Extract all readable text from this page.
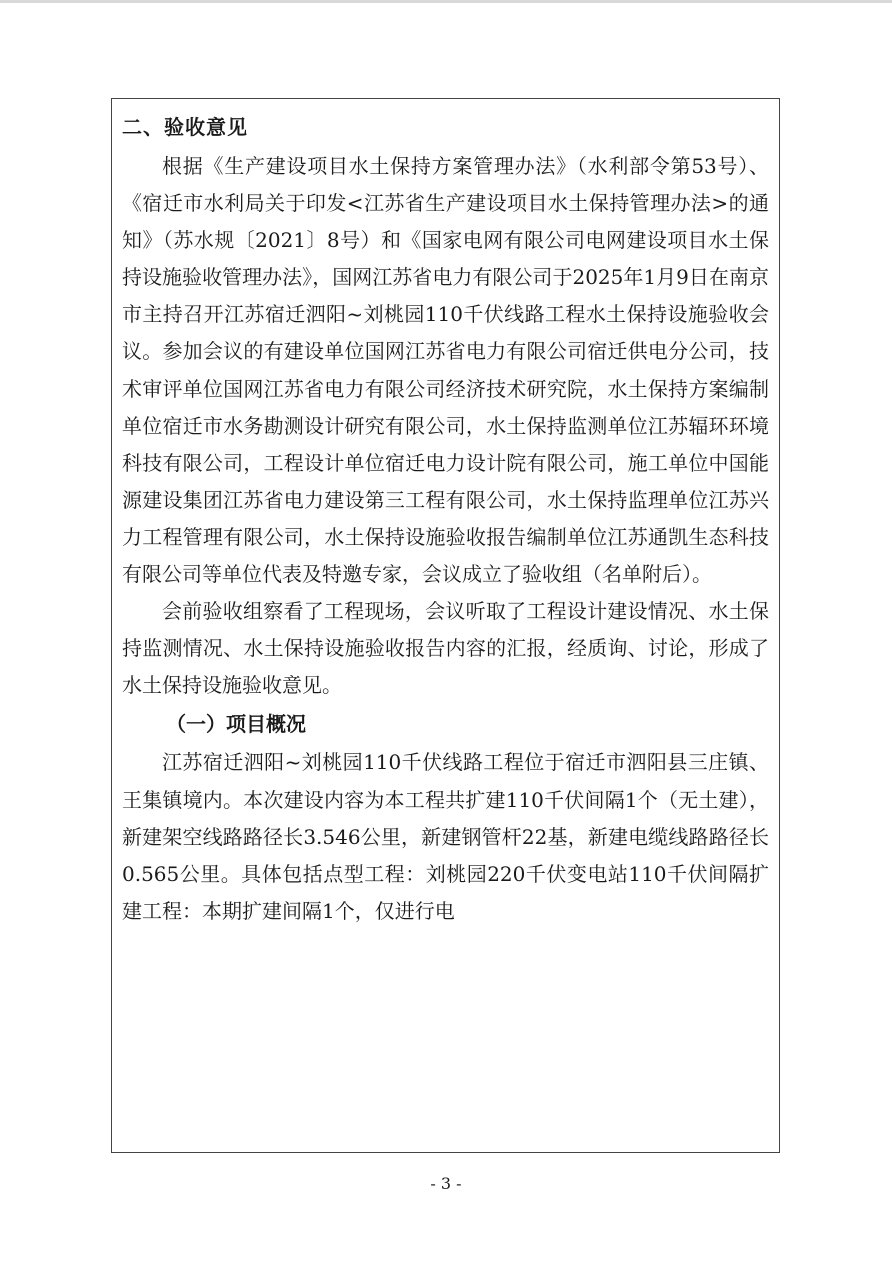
二、验收意见

根据《生产建设项目水土保持方案管理办法》（水利部令第53号）、《宿迁市水利局关于印发<江苏省生产建设项目水土保持管理办法>的通知》（苏水规〔2021〕8号）和《国家电网有限公司电网建设项目水土保持设施验收管理办法》，国网江苏省电力有限公司于2025年1月9日在南京市主持召开江苏宿迁泗阳~刘桃园110千伏线路工程水土保持设施验收会议。参加会议的有建设单位国网江苏省电力有限公司宿迁供电分公司，技术审评单位国网江苏省电力有限公司经济技术研究院，水土保持方案编制单位宿迁市水务勘测设计研究有限公司，水土保持监测单位江苏辐环环境科技有限公司，工程设计单位宿迁电力设计院有限公司，施工单位中国能源建设集团江苏省电力建设第三工程有限公司，水土保持监理单位江苏兴力工程管理有限公司，水土保持设施验收报告编制单位江苏通凯生态科技有限公司等单位代表及特邀专家，会议成立了验收组（名单附后）。

会前验收组察看了工程现场，会议听取了工程设计建设情况、水土保持监测情况、水土保持设施验收报告内容的汇报，经质询、讨论，形成了水土保持设施验收意见。

（一）项目概况

江苏宿迁泗阳~刘桃园110千伏线路工程位于宿迁市泗阳县三庄镇、王集镇境内。本次建设内容为本工程共扩建110千伏间隔1个（无土建），新建架空线路路径长3.546公里，新建钢管杆22基，新建电缆线路路径长0.565公里。具体包括点型工程：刘桃园220千伏变电站110千伏间隔扩建工程：本期扩建间隔1个，仅进行电

- 3 -
